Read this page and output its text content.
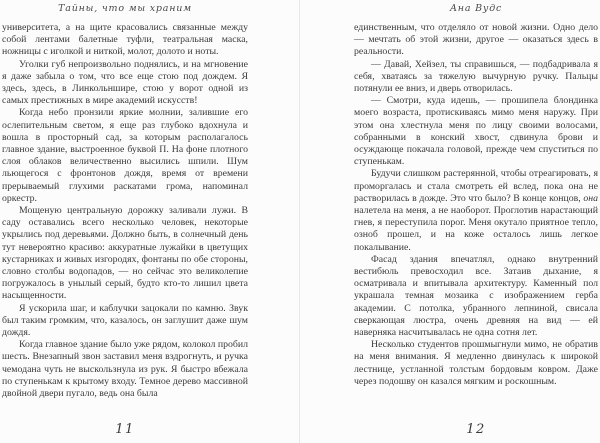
Тайны, что мы храним

университета, а на щите красовались связанные между собой лентами балетные туфли, театральная маска, ножницы с иголкой и ниткой, молот, долото и ноты.

Уголки губ непроизвольно поднялись, и на мгновение я даже забыла о том, что все еще стою под дождем. Я здесь, здесь, в Линкольншире, стою у ворот одной из самых престижных в мире академий искусств!

Когда небо пронзили яркие молнии, залившие его ослепительным светом, я еще раз глубоко вдохнула и вошла в просторный сад, за которым располагалось главное здание, выстроенное буквой П. На фоне плотного слоя облаков величественно высились шпили. Шум льющегося с фронтонов дождя, время от времени прерываемый глухими раскатами грома, напоминал оркестр.

Мощеную центральную дорожку заливали лужи. В саду оставались всего несколько человек, некоторые укрылись под деревьями. Должно быть, в солнечный день тут невероятно красиво: аккуратные лужайки в цветущих кустарниках и живых изгородях, фонтаны по обе стороны, словно столбы водопадов, — но сейчас это великолепие погружалось в унылый серый, будто кто-то лишил цвета насыщенности.

Я ускорила шаг, и каблучки зацокали по камню. Звук был таким громким, что, казалось, он заглушит даже шум дождя.

Когда главное здание было уже рядом, колокол пробил шесть. Внезапный звон заставил меня вздрогнуть, и ручка чемодана чуть не выскользнула из рук. Я быстро вбежала по ступенькам к крытому входу. Темное дерево массивной двойной двери пугало, ведь она была

11
Ана Вудс

единственным, что отделяло от новой жизни. Одно дело — мечтать об этой жизни, другое — оказаться здесь в реальности.

— Давай, Хейзел, ты справишься, — подбадривала я себя, хватаясь за тяжелую вычурную ручку. Пальцы потянули ее вниз, и дверь отворилась.

— Смотри, куда идешь, — прошипела блондинка моего возраста, протискиваясь мимо меня наружу. При этом она хлестнула меня по лицу своими волосами, собранными в конский хвост, сдвинула брови и осуждающе покачала головой, прежде чем спуститься по ступенькам.

Будучи слишком растерянной, чтобы отреагировать, я проморгалась и стала смотреть ей вслед, пока она не растворилась в дожде. Это что было? В конце концов, она налетела на меня, а не наоборот. Проглотив нарастающий гнев, я переступила порог. Меня окутало приятное тепло, озноб прошел, и на коже осталось лишь легкое покалывание.

Фасад здания впечатлял, однако внутренний вестибюль превосходил все. Затаив дыхание, я осматривала и впитывала архитектуру. Каменный пол украшала темная мозаика с изображением герба академии. С потолка, убранного лепниной, свисала сверкающая люстра, очень древняя на вид — ей наверняка насчитывалась не одна сотня лет.

Несколько студентов прошмыгнули мимо, не обратив на меня внимания. Я медленно двинулась к широкой лестнице, устланной толстым бордовым ковром. Даже через подошву он казался мягким и роскошным.

12
